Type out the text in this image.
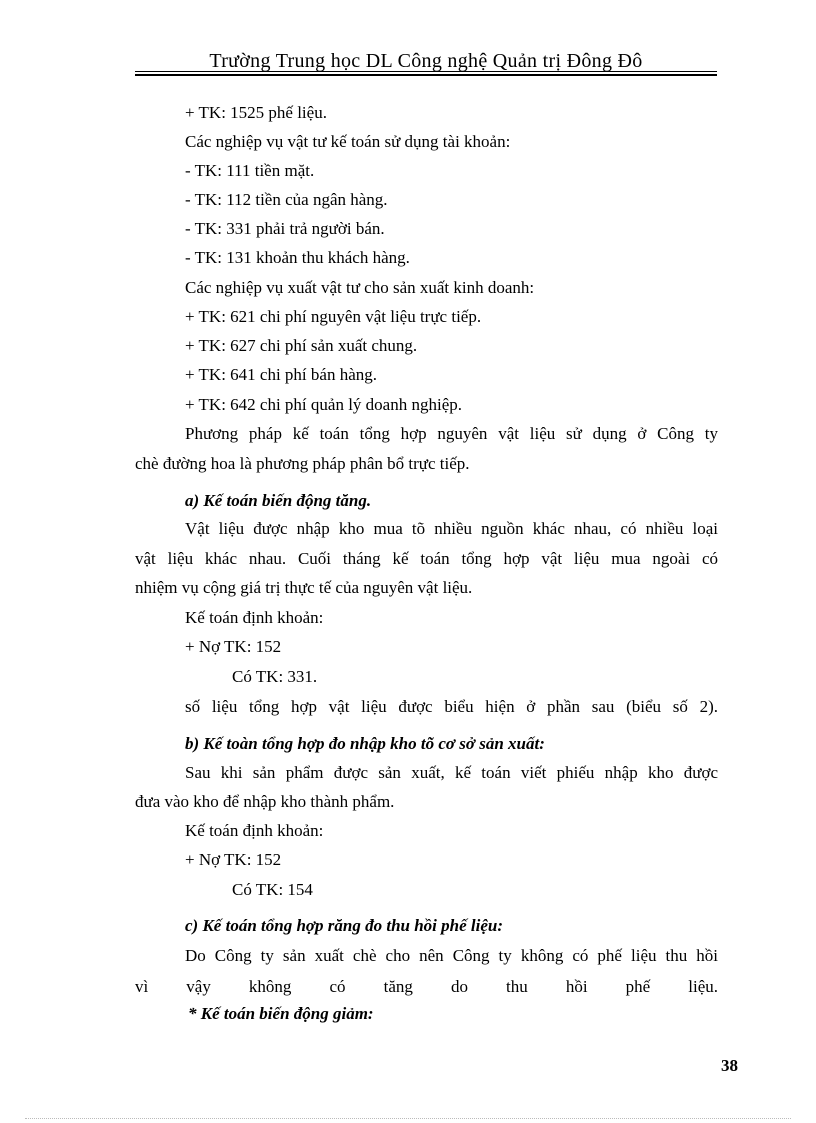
Trường Trung học DL Công nghệ Quản trị Đông Đô
+ TK: 1525 phế liệu.
Các nghiệp vụ vật tư kế toán sử dụng tài khoản:
- TK: 111 tiền mặt.
- TK: 112 tiền của ngân hàng.
- TK: 331 phải trả người bán.
- TK: 131 khoản thu khách hàng.
Các nghiệp vụ xuất vật tư cho sản xuất kinh doanh:
+ TK: 621 chi phí nguyên vật liệu trực tiếp.
+ TK: 627 chi phí sản xuất chung.
+ TK: 641 chi phí bán hàng.
+ TK: 642 chi phí quản lý doanh nghiệp.
Phương pháp kế toán tổng hợp nguyên vật liệu sử dụng ở Công ty
chè đường hoa là phương pháp phân bổ trực tiếp.
a) Kế toán biến động tăng.
Vật liệu được nhập kho mua tõ nhiều nguồn khác nhau, có nhiều loại
vật liệu khác nhau. Cuối tháng kế toán tổng hợp vật liệu mua ngoài có
nhiệm vụ cộng giá trị thực tế của nguyên vật liệu.
Kế toán định khoản:
+ Nợ TK: 152
Có TK: 331.
số liệu tổng hợp vật liệu được biểu hiện ở phần sau (biểu số 2).
b) Kế toàn tổng hợp đo nhập kho tõ cơ sở sản xuất:
Sau khi sản phẩm được sản xuất, kế toán viết phiếu nhập kho được
đưa vào kho để nhập kho thành phẩm.
Kế toán định khoản:
+ Nợ TK: 152
Có TK: 154
c) Kế toán tổng hợp răng đo thu hồi phế liệu:
Do Công ty sản xuất chè cho nên Công ty không có phế liệu thu hồi
vì vậy không có tăng do thu hồi phế liệu.
* Kế toán biến động giảm:
38
